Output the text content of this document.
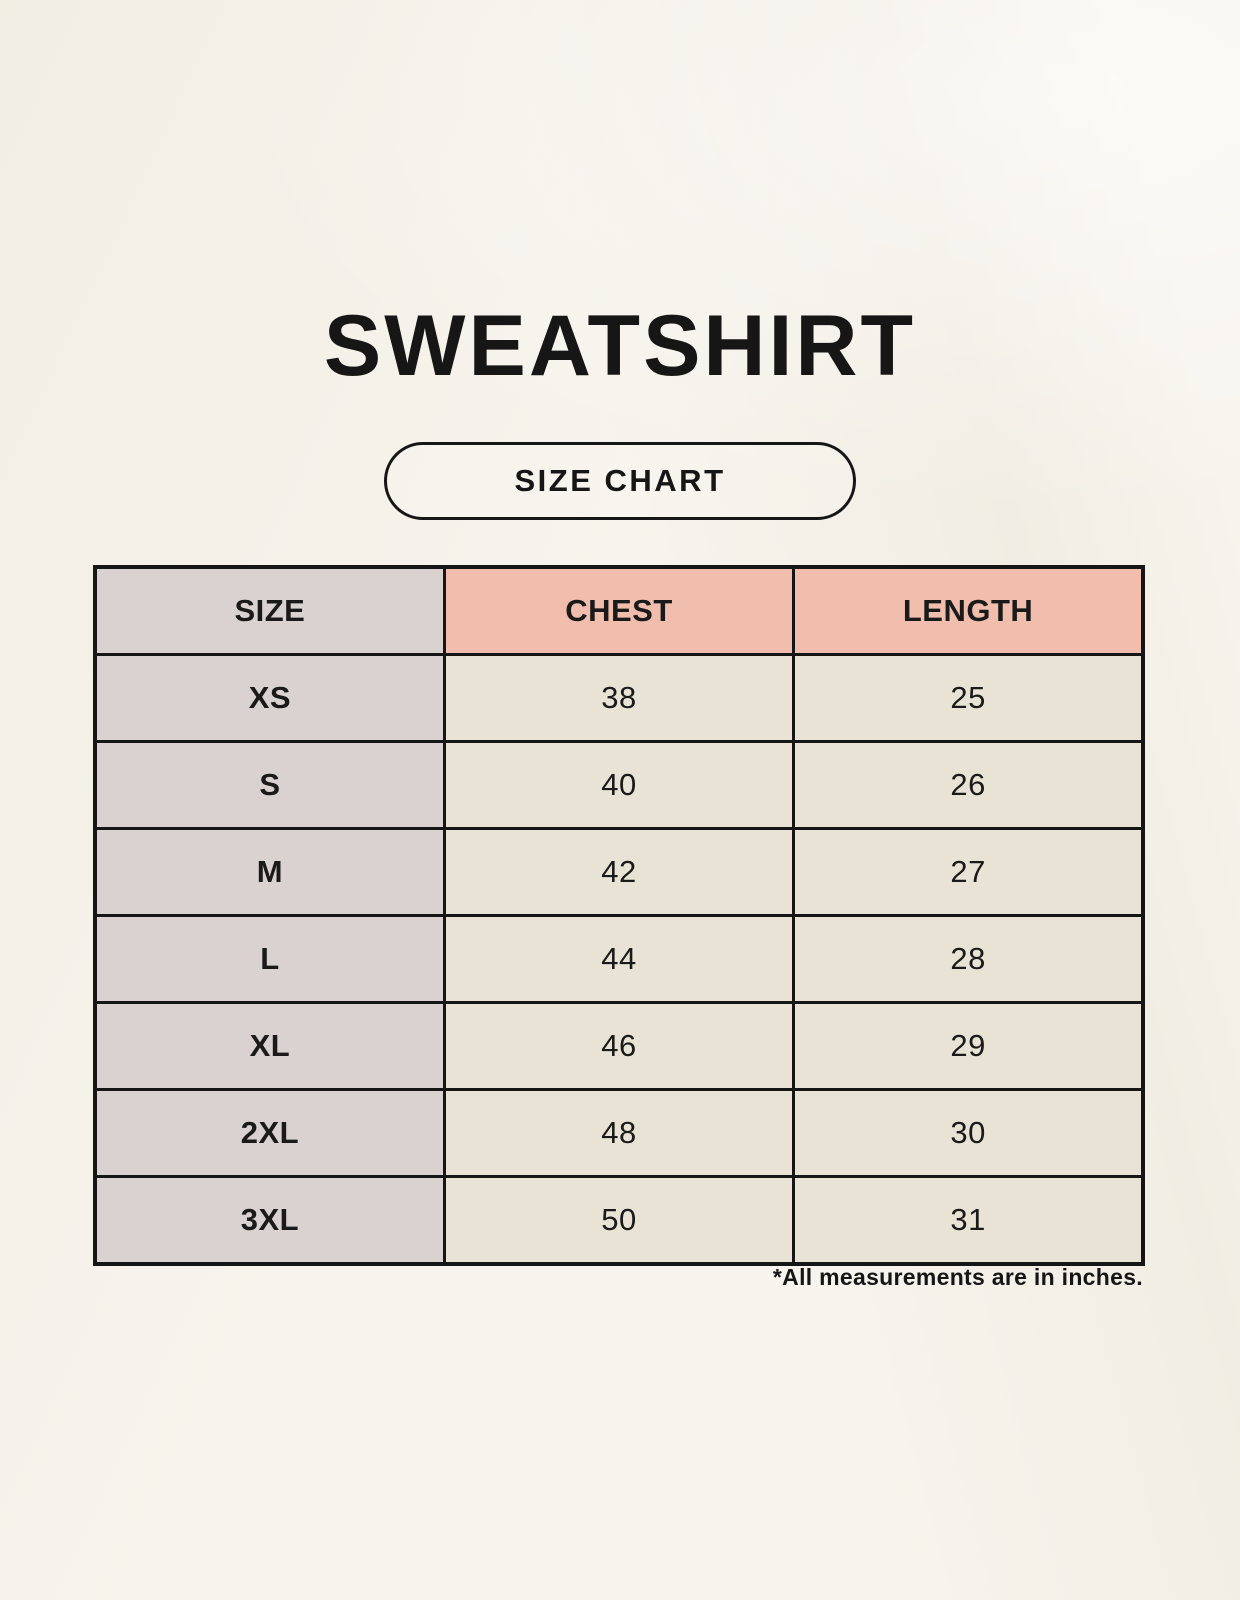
SWEATSHIRT
SIZE CHART
SIZE	CHEST	LENGTH
XS	38	25
S	40	26
M	42	27
L	44	28
XL	46	29
2XL	48	30
3XL	50	31

*All measurements are in inches.
